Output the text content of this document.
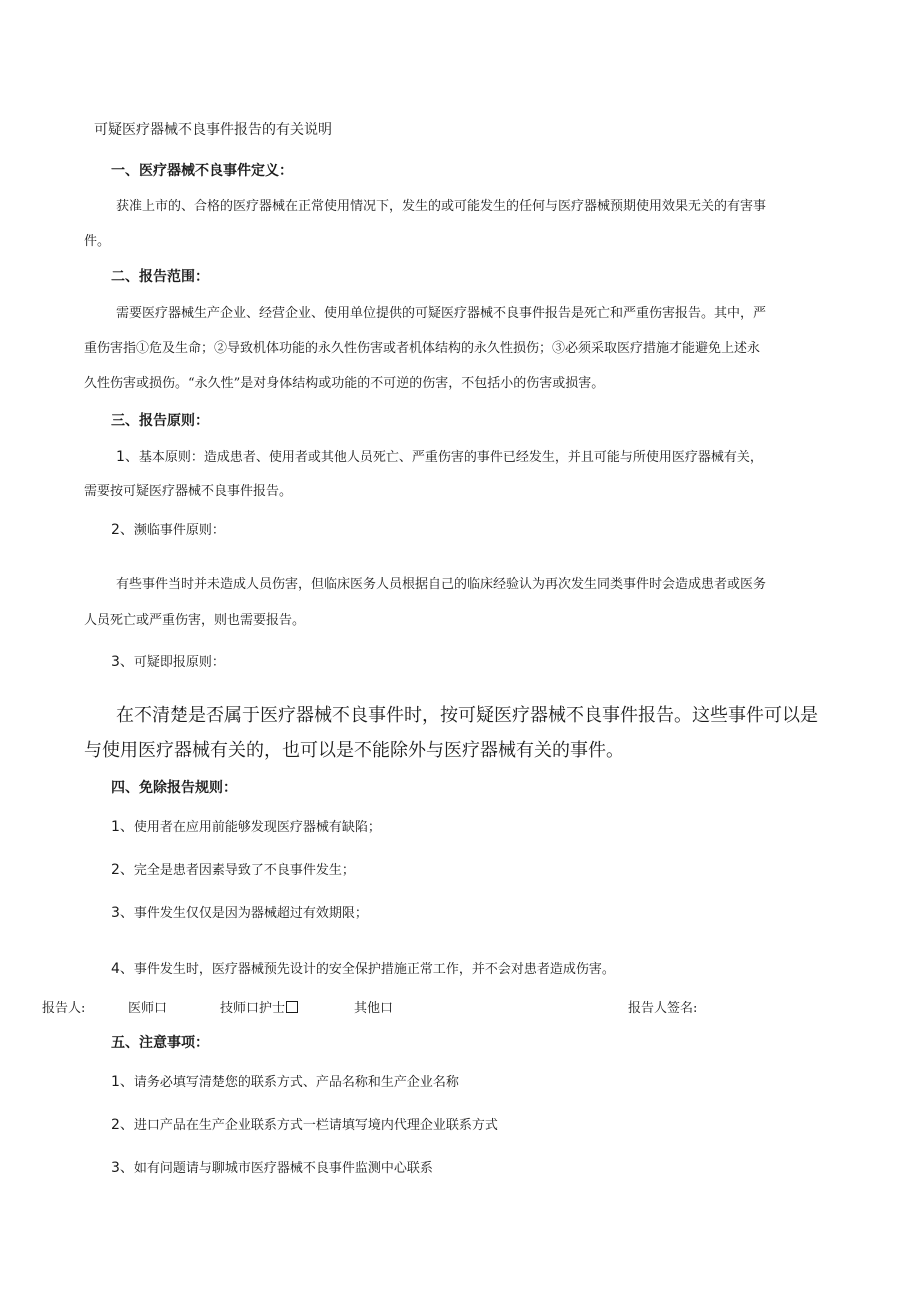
可疑医疗器械不良事件报告的有关说明
一、医疗器械不良事件定义：
获准上市的、合格的医疗器械在正常使用情况下，发生的或可能发生的任何与医疗器械预期使用效果无关的有害事
件。
二、报告范围：
需要医疗器械生产企业、经营企业、使用单位提供的可疑医疗器械不良事件报告是死亡和严重伤害报告。其中，严
重伤害指①危及生命；②导致机体功能的永久性伤害或者机体结构的永久性损伤；③必须采取医疗措施才能避免上述永
久性伤害或损伤。“永久性”是对身体结构或功能的不可逆的伤害，不包括小的伤害或损害。
三、报告原则：
1、基本原则：造成患者、使用者或其他人员死亡、严重伤害的事件已经发生，并且可能与所使用医疗器械有关，
需要按可疑医疗器械不良事件报告。
2、濒临事件原则：
有些事件当时并未造成人员伤害，但临床医务人员根据自己的临床经验认为再次发生同类事件时会造成患者或医务
人员死亡或严重伤害，则也需要报告。
3、可疑即报原则：
在不清楚是否属于医疗器械不良事件时，按可疑医疗器械不良事件报告。这些事件可以是
与使用医疗器械有关的，也可以是不能除外与医疗器械有关的事件。
四、免除报告规则：
1、使用者在应用前能够发现医疗器械有缺陷；
2、完全是患者因素导致了不良事件发生；
3、事件发生仅仅是因为器械超过有效期限；
4、事件发生时，医疗器械预先设计的安全保护措施正常工作，并不会对患者造成伤害。
报告人:	医师口	技师口护士	其他口	报告人签名:
五、注意事项：
1、请务必填写清楚您的联系方式、产品名称和生产企业名称
2、进口产品在生产企业联系方式一栏请填写境内代理企业联系方式
3、如有问题请与聊城市医疗器械不良事件监测中心联系
